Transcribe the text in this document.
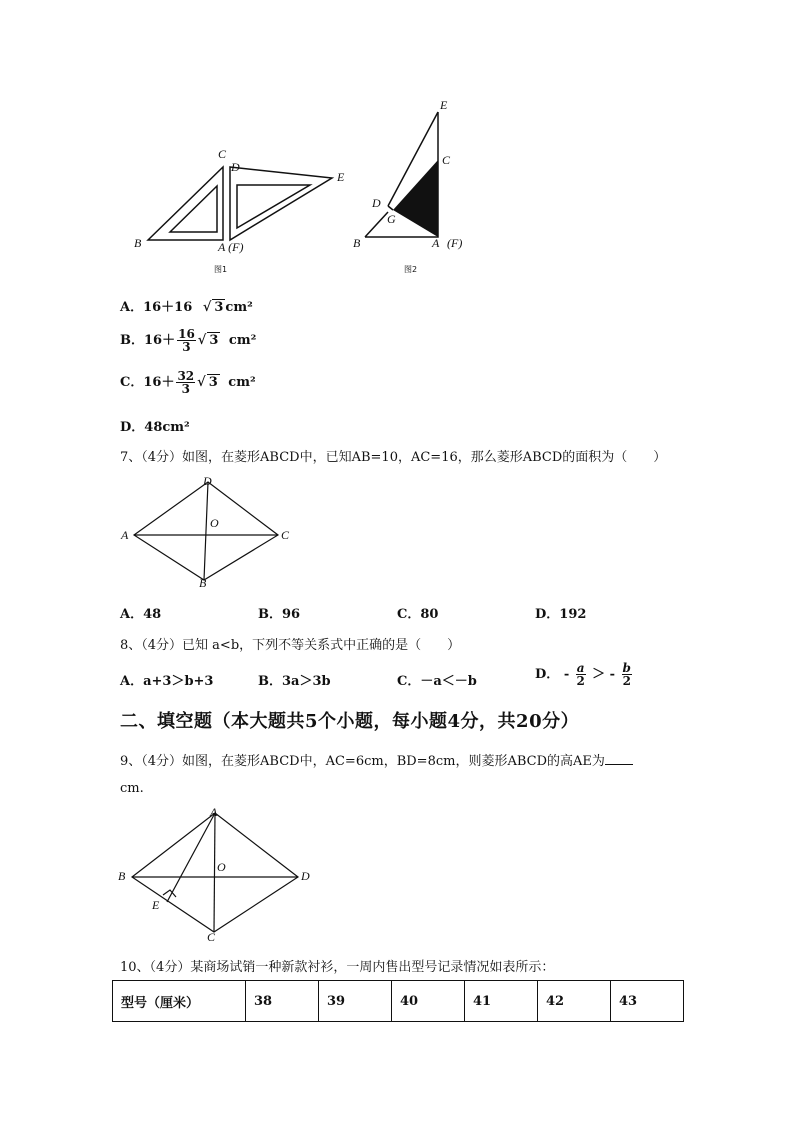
C
D
E
B	A (F)
图1
E
C
D
G
B	A (F)
图2
A．16＋16 √ 3 cm²
B．$16+ \frac{16}{3}$ √ 3 cm²
C．$16+ \frac{32}{3}$ √ 3 cm²
D．48cm²
7、（4分）如图，在菱形ABCD中，已知AB=10，AC=16，那么菱形ABCD的面积为（　　）
D
A
O
C
B
A．48	B．96	C．80	D．192
8、（4分）已知 a<b，下列不等关系式中正确的是（　　）
A．a+3＞b+3	B．3a＞3b	C．－a＜－b	D． - $\frac{a}{2}$ ＞ - $\frac{b}{2}$
二、填空题（本大题共5个小题，每小题4分，共20分）
9、（4分）如图，在菱形ABCD中，AC=6cm，BD=8cm，则菱形ABCD的高AE为
cm.
A
O
B	D
E
C
10、（4分）某商场试销一种新款衬衫，一周内售出型号记录情况如表所示：
型号（厘米）	38	39	40	41	42	43
